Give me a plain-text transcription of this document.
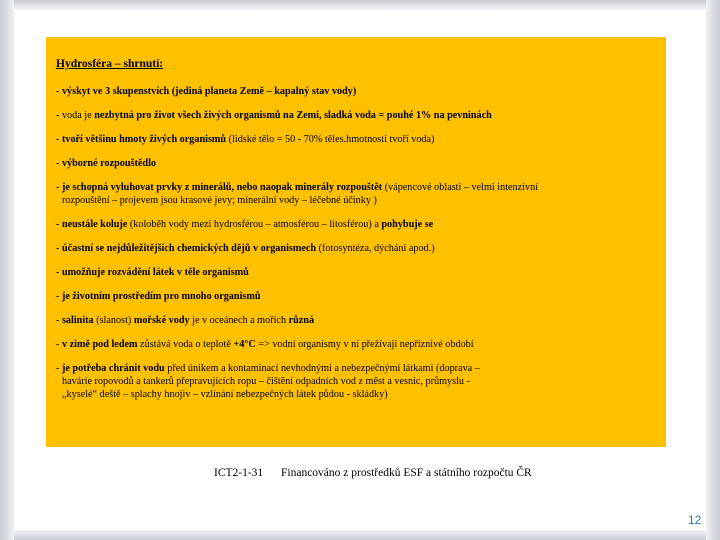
Hydrosféra – shrnutí:
- výskyt ve 3 skupenstvích (jediná planeta Země – kapalný stav vody)
- voda je nezbytná pro život všech živých organismů na Zemi, sladká voda = pouhé 1% na pevninách
- tvoří většinu hmoty živých organismů (lidské tělo = 50 - 70% těles.hmotnosti tvoří voda)
- výborné rozpouštědlo
- je schopná vyluhovat prvky z minerálů, nebo naopak minerály rozpouštět (vápencové oblasti – velmi intenzivní
rozpouštění – projevem jsou krasové jevy; minerální vody – léčebné účinky )
- neustále koluje (koloběh vody mezi hydrosférou – atmosférou – litosférou) a pohybuje se
- účastní se nejdůležitějších chemických dějů v organismech (fotosyntéza, dýchání apod.)
- umožňuje rozvádění látek v těle organismů
- je životním prostředím pro mnoho organismů
- salinita (slanost) mořské vody je v oceánech a mořích různá
- v zimě pod ledem zůstává voda o teplotě +4°C => vodní organismy v ní přežívají nepříznivé období
- je potřeba chránit vodu před únikem a kontaminací nevhodnými a nebezpečnými látkami (doprava –
havárie ropovodů a tankerů přepravujících ropu – čištění odpadních vod z měst a vesnic, průmyslu -
„kyselé“ deště – splachy hnojiv – vzlínání nebezpečných látek půdou - skládky)
ICT2-1-31 Financováno z prostředků ESF a státního rozpočtu ČR
12
